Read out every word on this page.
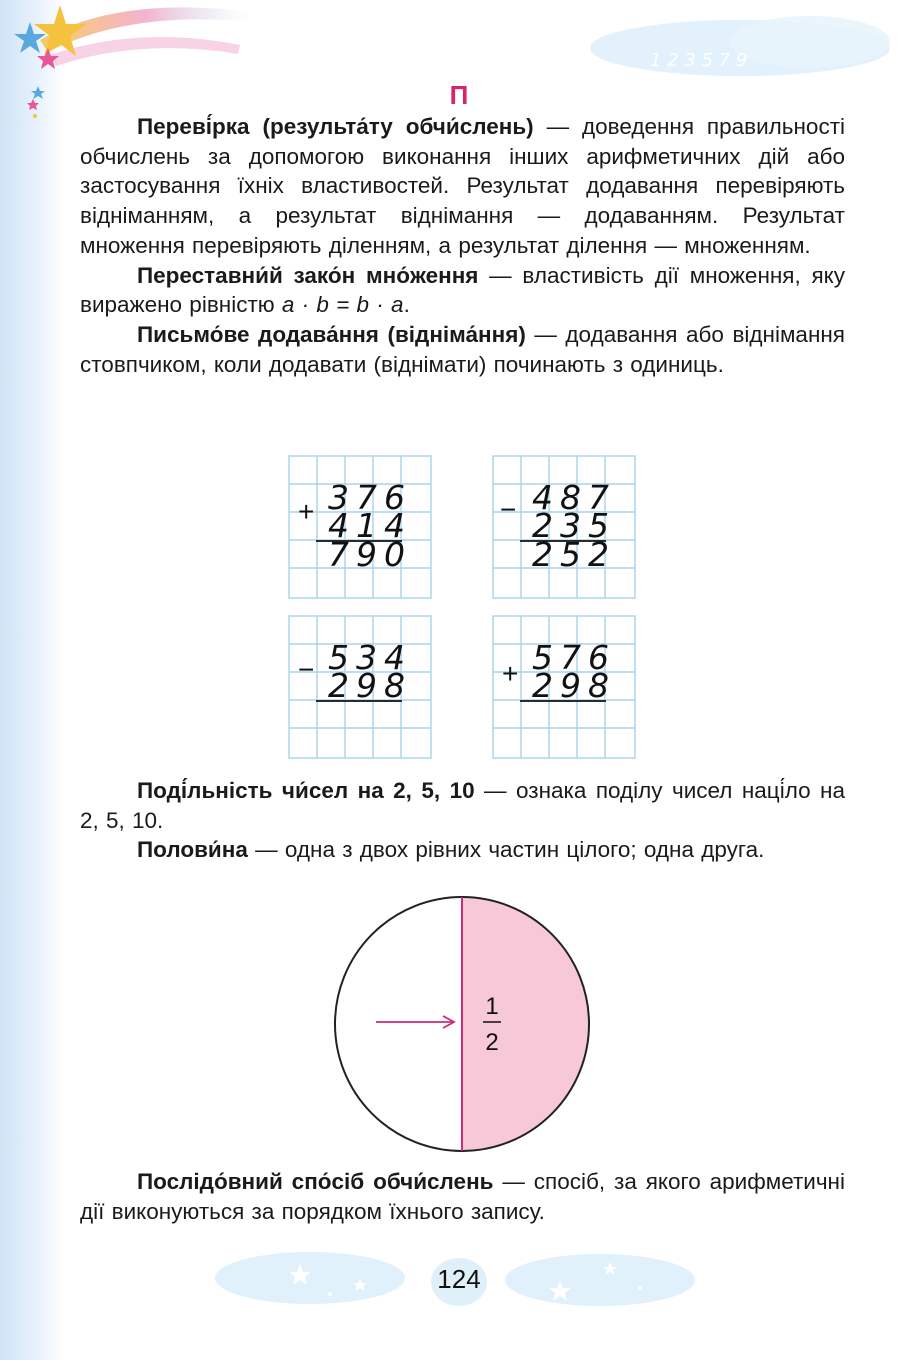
1 2 3 5 7 9
П

Переві́рка (результа́ту обчи́слень) — доведення правильності обчислень за допомогою виконання інших арифметичних дій або застосування їхніх властивостей. Результат додавання перевіряють відніманням, а результат віднімання — додаванням. Результат множення перевіряють діленням, а результат ділення — множенням.

Переставни́й зако́н мно́ження — властивість дії множення, яку виражено рівністю a · b = b · a.

Письмо́ве додава́ння (відніма́ння) — додавання або віднімання стовпчиком, коли додавати (віднімати) починають з одиниць.

+ 3 7 6
4 1 4
7 9 0
− 4 8 7
2 3 5
2 5 2
− 5 3 4
2 9 8	+ 5 7 6
2 9 8

Поді́льність чи́сел на 2, 5, 10 — ознака поділу чисел наці́ло на 2, 5, 10.

Полови́на — одна з двох рівних частин цілого; одна друга.

1
2

Послідо́вний спо́сіб обчи́слень — спосіб, за якого арифметичні дії виконуються за порядком їхнього запису.

124
